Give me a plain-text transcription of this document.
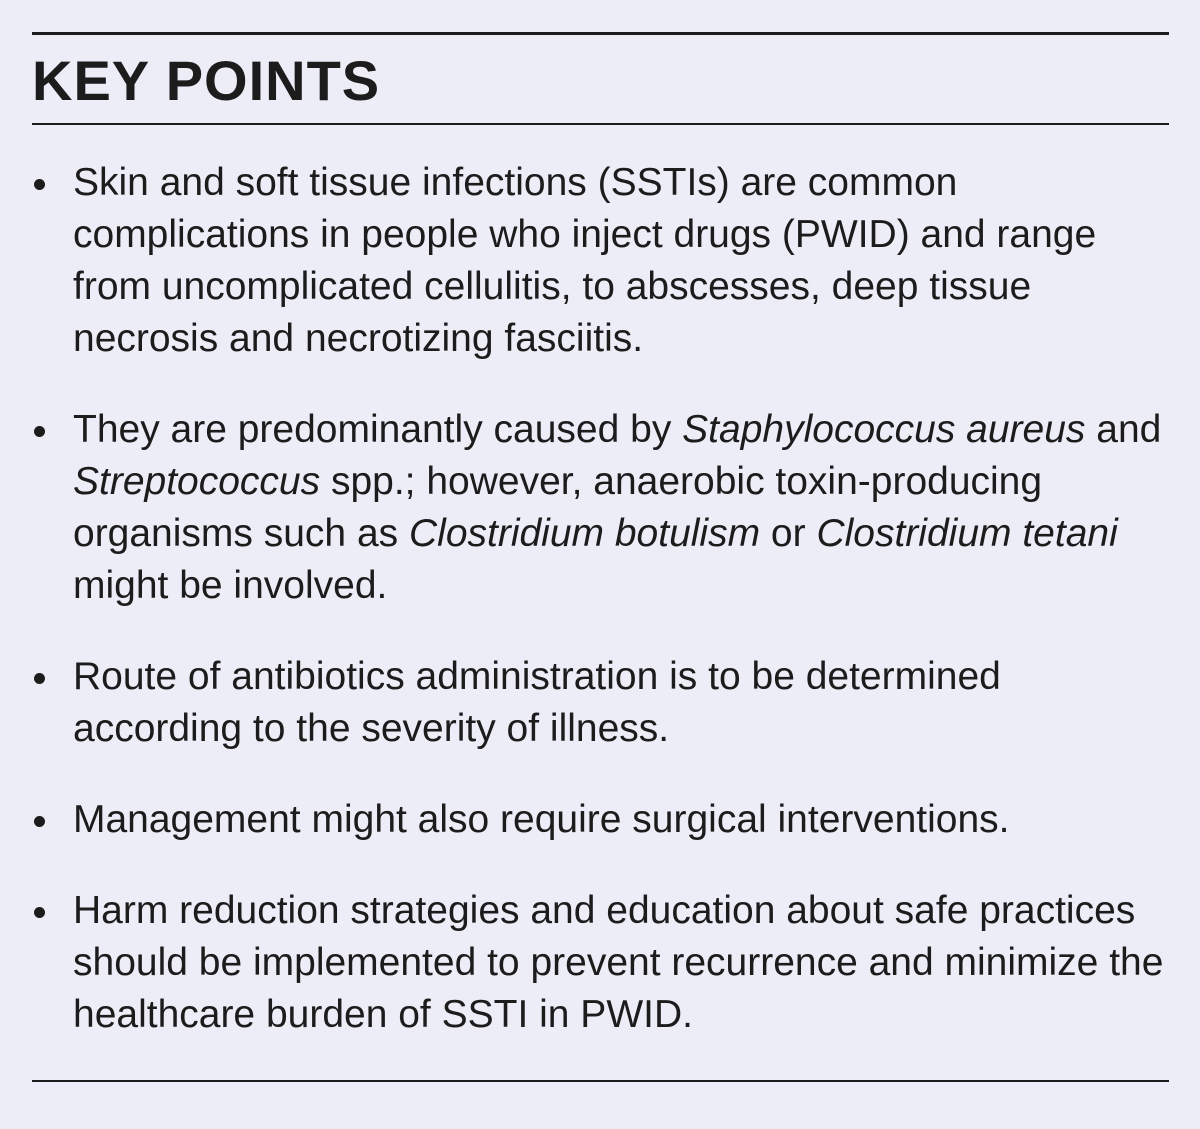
KEY POINTS
Skin and soft tissue infections (SSTIs) are common complications in people who inject drugs (PWID) and range from uncomplicated cellulitis, to abscesses, deep tissue necrosis and necrotizing fasciitis.
They are predominantly caused by Staphylococcus aureus and Streptococcus spp.; however, anaerobic toxin-producing organisms such as Clostridium botulism or Clostridium tetani might be involved.
Route of antibiotics administration is to be determined according to the severity of illness.
Management might also require surgical interventions.
Harm reduction strategies and education about safe practices should be implemented to prevent recurrence and minimize the healthcare burden of SSTI in PWID.
